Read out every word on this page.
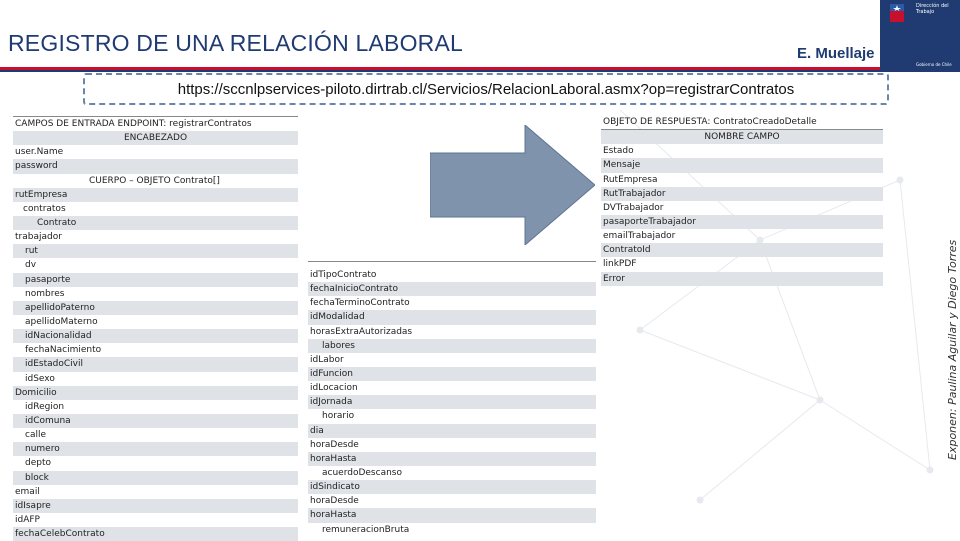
REGISTRO DE UNA RELACIÓN LABORAL	E. Muellaje
Dirección del
Trabajo
Gobierno de Chile
https://sccnlpservices-piloto.dirtrab.cl/Servicios/RelacionLaboral.asmx?op=registrarContratos
CAMPOS DE ENTRADA ENDPOINT: registrarContratos
ENCABEZADO
user.Name
password
CUERPO – OBJETO Contrato[]
rutEmpresa
contratos
Contrato
trabajador
rut
dv
pasaporte
nombres
apellidoPaterno
apellidoMaterno
idNacionalidad
fechaNacimiento
idEstadoCivil
idSexo
Domicilio
idRegion
idComuna
calle
numero
depto
block
email
idIsapre
idAFP
fechaCelebContrato
idTipoContrato
fechaInicioContrato
fechaTerminoContrato
idModalidad
horasExtraAutorizadas
labores
idLabor
idFuncion
idLocacion
idJornada
horario
dia
horaDesde
horaHasta
acuerdoDescanso
idSindicato
horaDesde
horaHasta
remuneracionBruta
OBJETO DE RESPUESTA: ContratoCreadoDetalle
NOMBRE CAMPO
Estado
Mensaje
RutEmpresa
RutTrabajador
DVTrabajador
pasaporteTrabajador
emailTrabajador
ContratoId
linkPDF
Error	Exponen: Paulina Aguilar y Diego Torres
